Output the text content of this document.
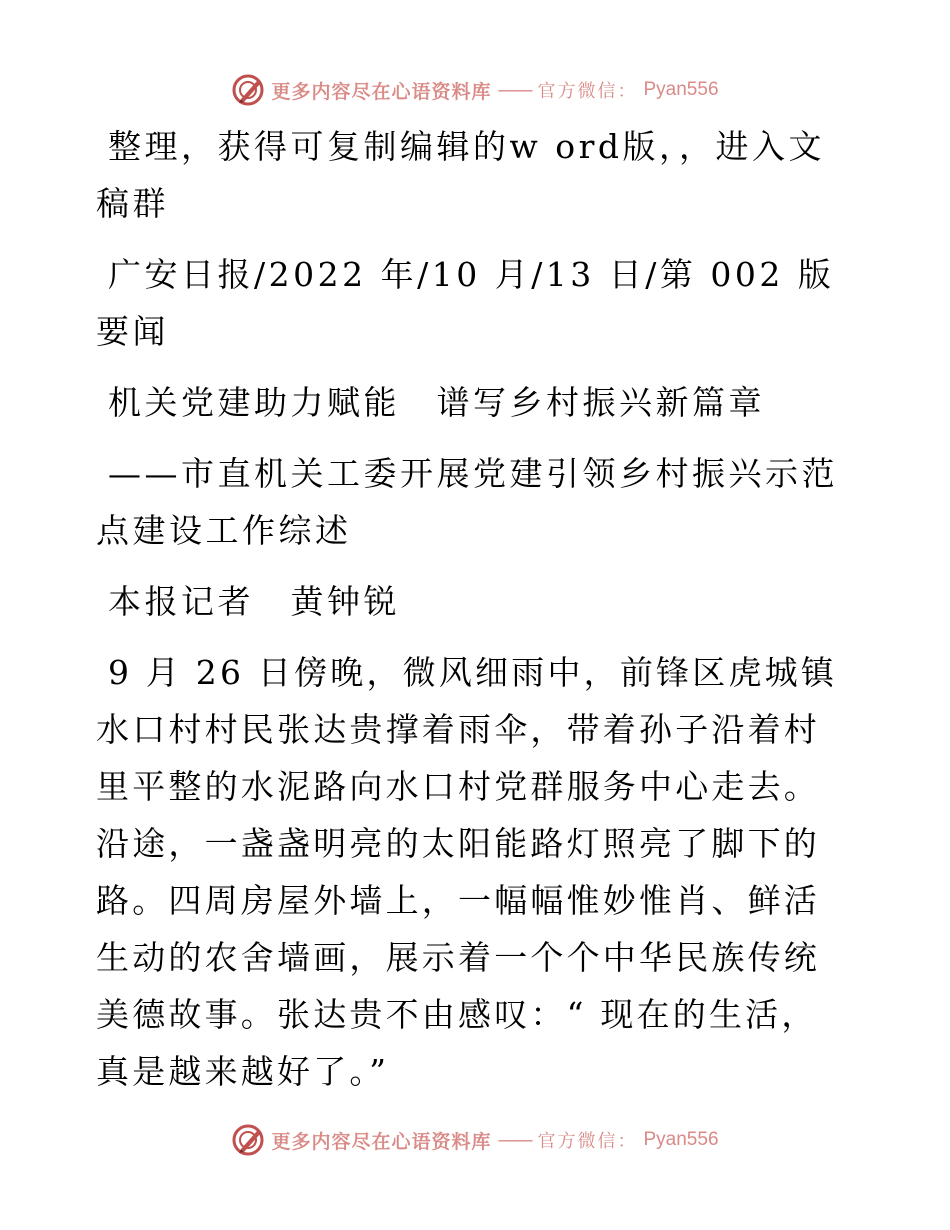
更多内容尽在心语资料库 —— 官方微信： Pyan556

整理，获得可复制编辑的w ord版，，进入文稿群

广安日报/2022 年/10 月/13 日/第 002 版要闻

机关党建助力赋能　谱写乡村振兴新篇章

——市直机关工委开展党建引领乡村振兴示范点建设工作综述

本报记者　黄钟锐

9 月 26 日傍晚，微风细雨中，前锋区虎城镇水口村村民张达贵撑着雨伞，带着孙子沿着村里平整的水泥路向水口村党群服务中心走去。沿途，一盏盏明亮的太阳能路灯照亮了脚下的路。四周房屋外墙上，一幅幅惟妙惟肖、鲜活生动的农舍墙画，展示着一个个中华民族传统美德故事。张达贵不由感叹：“ 现在的生活，真是越来越好了。”

更多内容尽在心语资料库 —— 官方微信： Pyan556
